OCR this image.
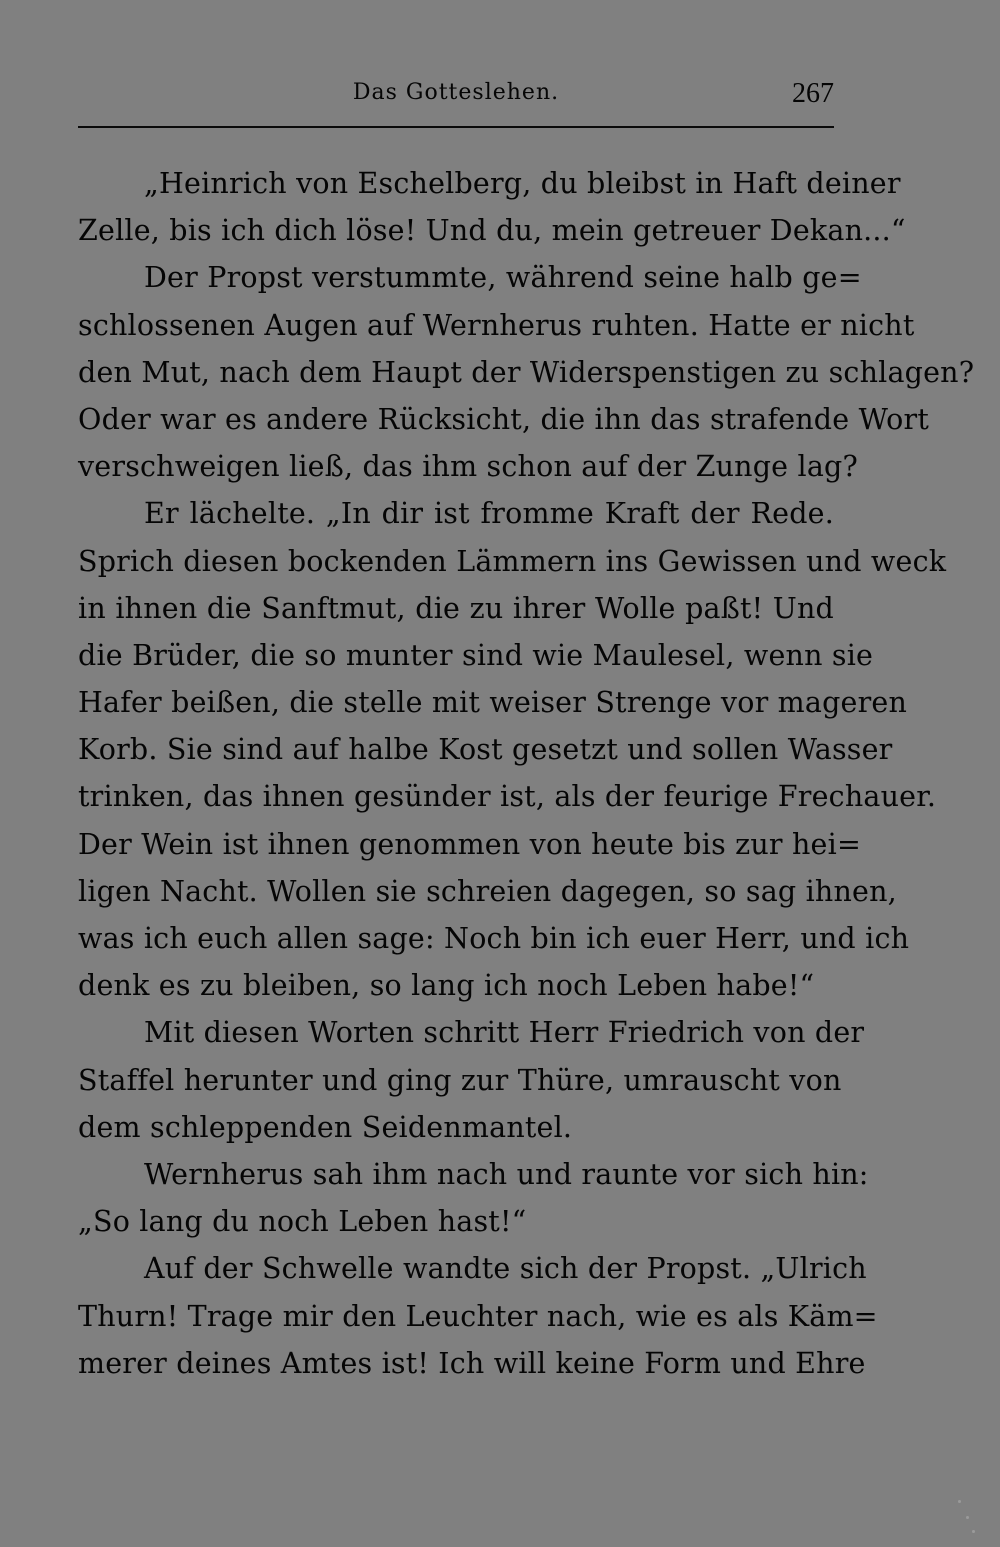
Das Gotteslehen.	267
„Heinrich von Eschelberg, du bleibst in Haft deiner
Zelle, bis ich dich löse! Und du, mein getreuer Dekan...“
Der Propst verstummte, während seine halb ge=
schlossenen Augen auf Wernherus ruhten. Hatte er nicht
den Mut, nach dem Haupt der Widerspenstigen zu schlagen?
Oder war es andere Rücksicht, die ihn das strafende Wort
verschweigen ließ, das ihm schon auf der Zunge lag?
Er lächelte. „In dir ist fromme Kraft der Rede.
Sprich diesen bockenden Lämmern ins Gewissen und weck
in ihnen die Sanftmut, die zu ihrer Wolle paßt! Und
die Brüder, die so munter sind wie Maulesel, wenn sie
Hafer beißen, die stelle mit weiser Strenge vor mageren
Korb. Sie sind auf halbe Kost gesetzt und sollen Wasser
trinken, das ihnen gesünder ist, als der feurige Frechauer.
Der Wein ist ihnen genommen von heute bis zur hei=
ligen Nacht. Wollen sie schreien dagegen, so sag ihnen,
was ich euch allen sage: Noch bin ich euer Herr, und ich
denk es zu bleiben, so lang ich noch Leben habe!“
Mit diesen Worten schritt Herr Friedrich von der
Staffel herunter und ging zur Thüre, umrauscht von
dem schleppenden Seidenmantel.
Wernherus sah ihm nach und raunte vor sich hin:
„So lang du noch Leben hast!“
Auf der Schwelle wandte sich der Propst. „Ulrich
Thurn! Trage mir den Leuchter nach, wie es als Käm=
merer deines Amtes ist! Ich will keine Form und Ehre
